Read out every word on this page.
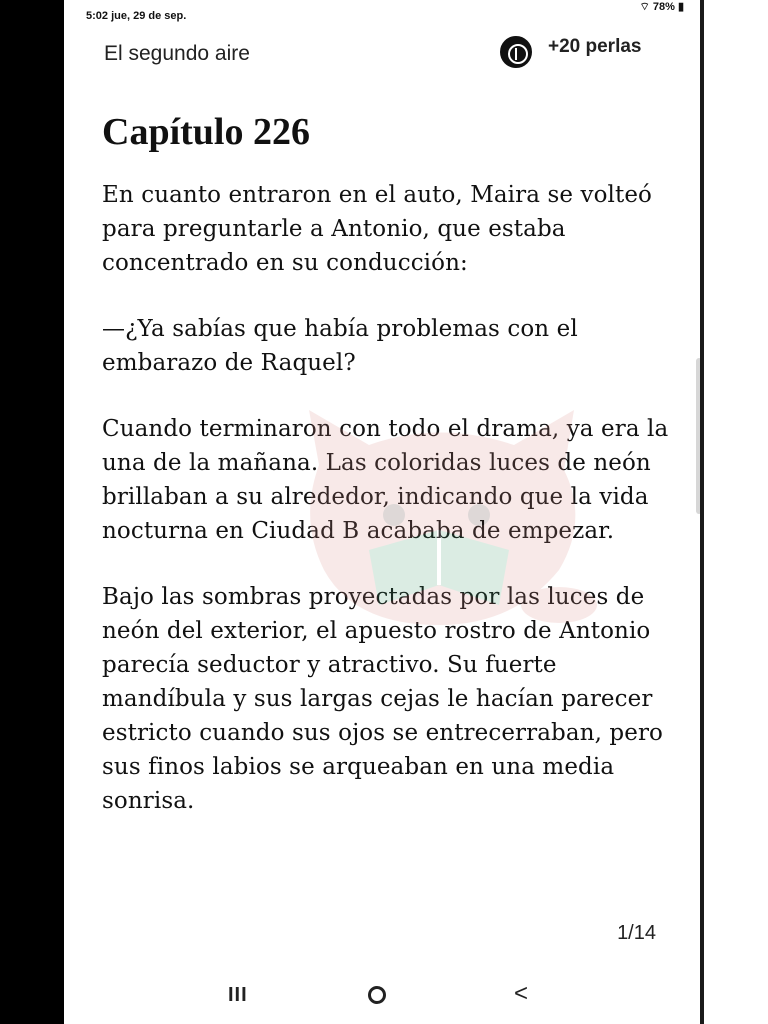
5:02 jue, 29 de sep.
⌔ 78% ▮
El segundo aire	+20 perlas
Capítulo 226

En cuanto entraron en el auto, Maira se volteó para preguntarle a Antonio, que estaba concentrado en su conducción:

—¿Ya sabías que había problemas con el embarazo de Raquel?

Cuando terminaron con todo el drama, ya era la una de la mañana. Las coloridas luces de neón brillaban a su alrededor, indicando que la vida nocturna en Ciudad B acababa de empezar.

Bajo las sombras proyectadas por las luces de neón del exterior, el apuesto rostro de Antonio parecía seductor y atractivo. Su fuerte mandíbula y sus largas cejas le hacían parecer estricto cuando sus ojos se entrecerraban, pero sus finos labios se arqueaban en una media sonrisa.

1/14
III	<
